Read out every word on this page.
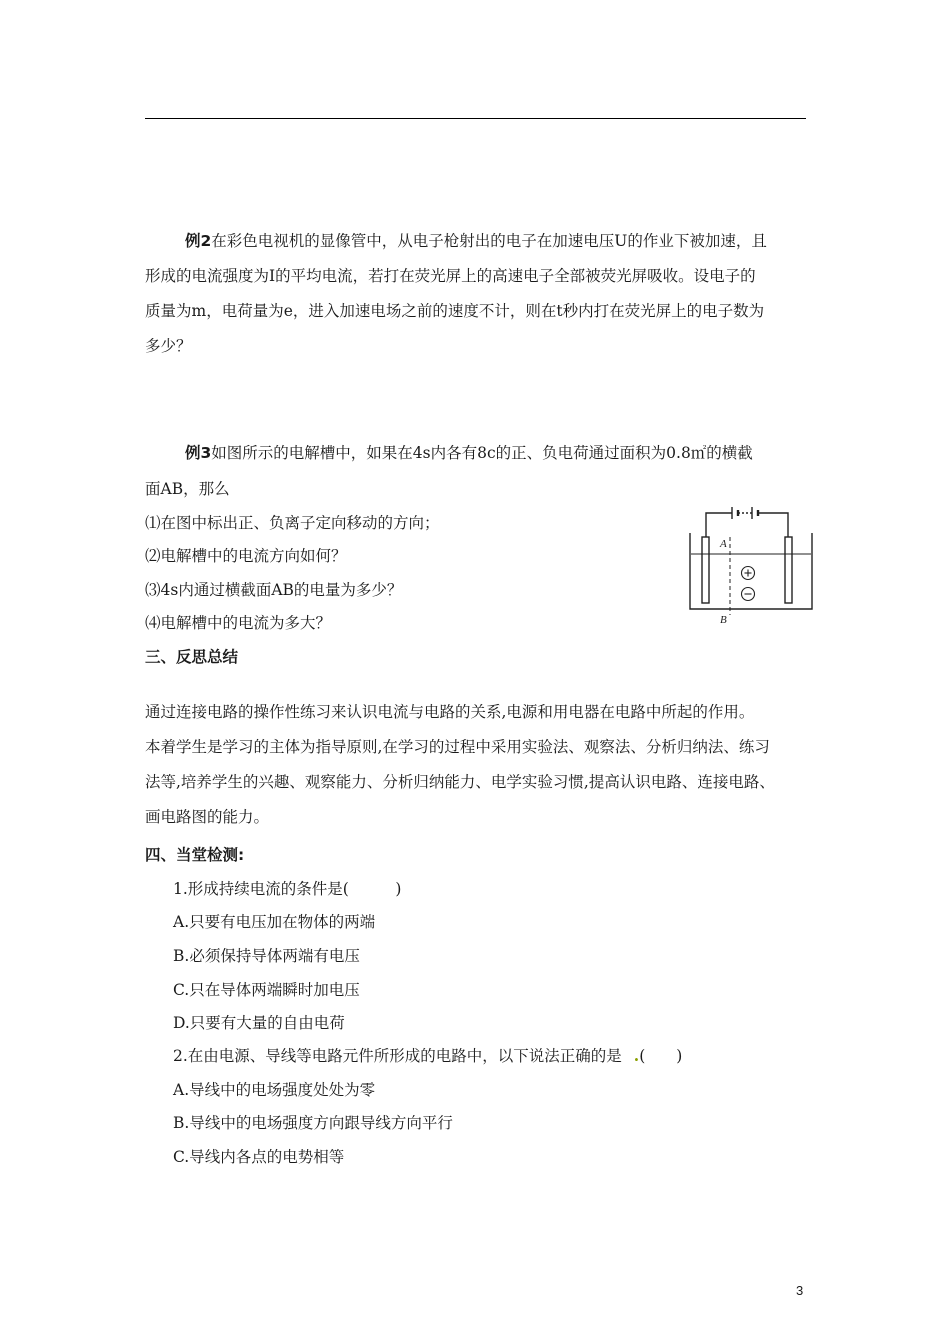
例2在彩色电视机的显像管中，从电子枪射出的电子在加速电压U的作业下被加速，且
形成的电流强度为I的平均电流，若打在荧光屏上的高速电子全部被荧光屏吸收。设电子的
质量为m，电荷量为e，进入加速电场之前的速度不计，则在t秒内打在荧光屏上的电子数为
多少？
例3如图所示的电解槽中，如果在4s内各有8c的正、负电荷通过面积为0.8㎡的横截
面AB，那么
⑴在图中标出正、负离子定向移动的方向；
⑵电解槽中的电流方向如何？
⑶4s内通过横截面AB的电量为多少？
⑷电解槽中的电流为多大？
A
B
三、反思总结
通过连接电路的操作性练习来认识电流与电路的关系,电源和用电器在电路中所起的作用。
本着学生是学习的主体为指导原则,在学习的过程中采用实验法、观察法、分析归纳法、练习
法等,培养学生的兴趣、观察能力、分析归纳能力、电学实验习惯,提高认识电路、连接电路、
画电路图的能力。
四、当堂检测:
1.形成持续电流的条件是(　　　)
A.只要有电压加在物体的两端
B.必须保持导体两端有电压
C.只在导体两端瞬时加电压
D.只要有大量的自由电荷
2.在由电源、导线等电路元件所形成的电路中，以下说法正确的是 .(　　)
A.导线中的电场强度处处为零
B.导线中的电场强度方向跟导线方向平行
C.导线内各点的电势相等
3
